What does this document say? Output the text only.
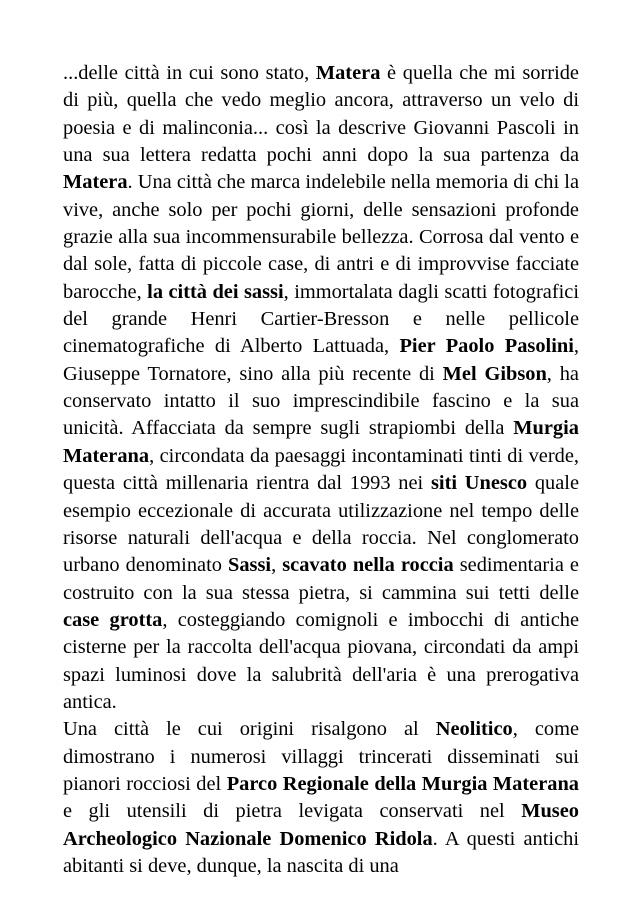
...delle città in cui sono stato, Matera è quella che mi sorride di più, quella che vedo meglio ancora, attraverso un velo di poesia e di malinconia... così la descrive Giovanni Pascoli in una sua lettera redatta pochi anni dopo la sua partenza da Matera. Una città che marca indelebile nella memoria di chi la vive, anche solo per pochi giorni, delle sensazioni profonde grazie alla sua incommensurabile bellezza. Corrosa dal vento e dal sole, fatta di piccole case, di antri e di improvvise facciate barocche, la città dei sassi, immortalata dagli scatti fotografici del grande Henri Cartier-Bresson e nelle pellicole cinematografiche di Alberto Lattuada, Pier Paolo Pasolini, Giuseppe Tornatore, sino alla più recente di Mel Gibson, ha conservato intatto il suo imprescindibile fascino e la sua unicità. Affacciata da sempre sugli strapiombi della Murgia Materana, circondata da paesaggi incontaminati tinti di verde, questa città millenaria rientra dal 1993 nei siti Unesco quale esempio eccezionale di accurata utilizzazione nel tempo delle risorse naturali dell'acqua e della roccia. Nel conglomerato urbano denominato Sassi, scavato nella roccia sedimentaria e costruito con la sua stessa pietra, si cammina sui tetti delle case grotta, costeggiando comignoli e imbocchi di antiche cisterne per la raccolta dell'acqua piovana, circondati da ampi spazi luminosi dove la salubrità dell'aria è una prerogativa antica.

Una città le cui origini risalgono al Neolitico, come dimostrano i numerosi villaggi trincerati disseminati sui pianori rocciosi del Parco Regionale della Murgia Materana e gli utensili di pietra levigata conservati nel Museo Archeologico Nazionale Domenico Ridola. A questi antichi abitanti si deve, dunque, la nascita di una
